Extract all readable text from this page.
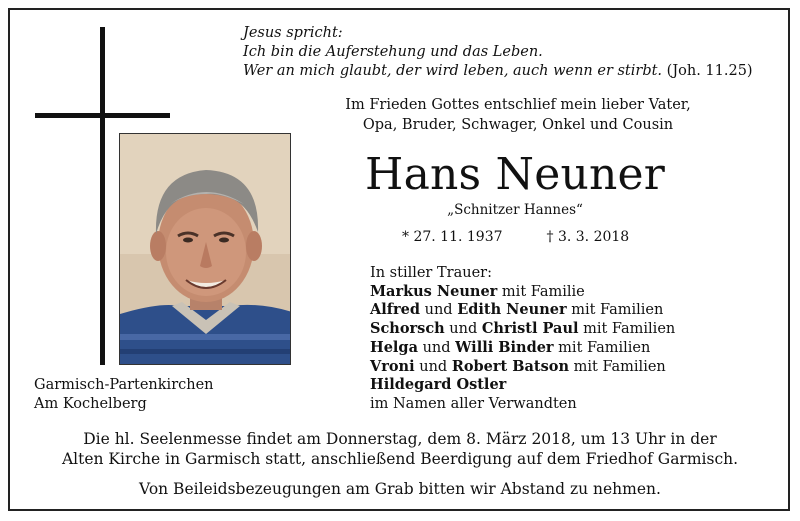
Jesus spricht:
Ich bin die Auferstehung und das Leben.
Wer an mich glaubt, der wird leben, auch wenn er stirbt. (Joh. 11.25)
Im Frieden Gottes entschlief mein lieber Vater,
Opa, Bruder, Schwager, Onkel und Cousin
Hans Neuner
„Schnitzer Hannes“
* 27. 11. 1937	† 3. 3. 2018
In stiller Trauer:
Markus Neuner mit Familie
Alfred und Edith Neuner mit Familien
Schorsch und Christl Paul mit Familien
Helga und Willi Binder mit Familien
Vroni und Robert Batson mit Familien
Hildegard Ostler
im Namen aller Verwandten
Garmisch-Partenkirchen
Am Kochelberg
Die hl. Seelenmesse findet am Donnerstag, dem 8. März 2018, um 13 Uhr in der
Alten Kirche in Garmisch statt, anschließend Beerdigung auf dem Friedhof Garmisch.
Von Beileidsbezeugungen am Grab bitten wir Abstand zu nehmen.
